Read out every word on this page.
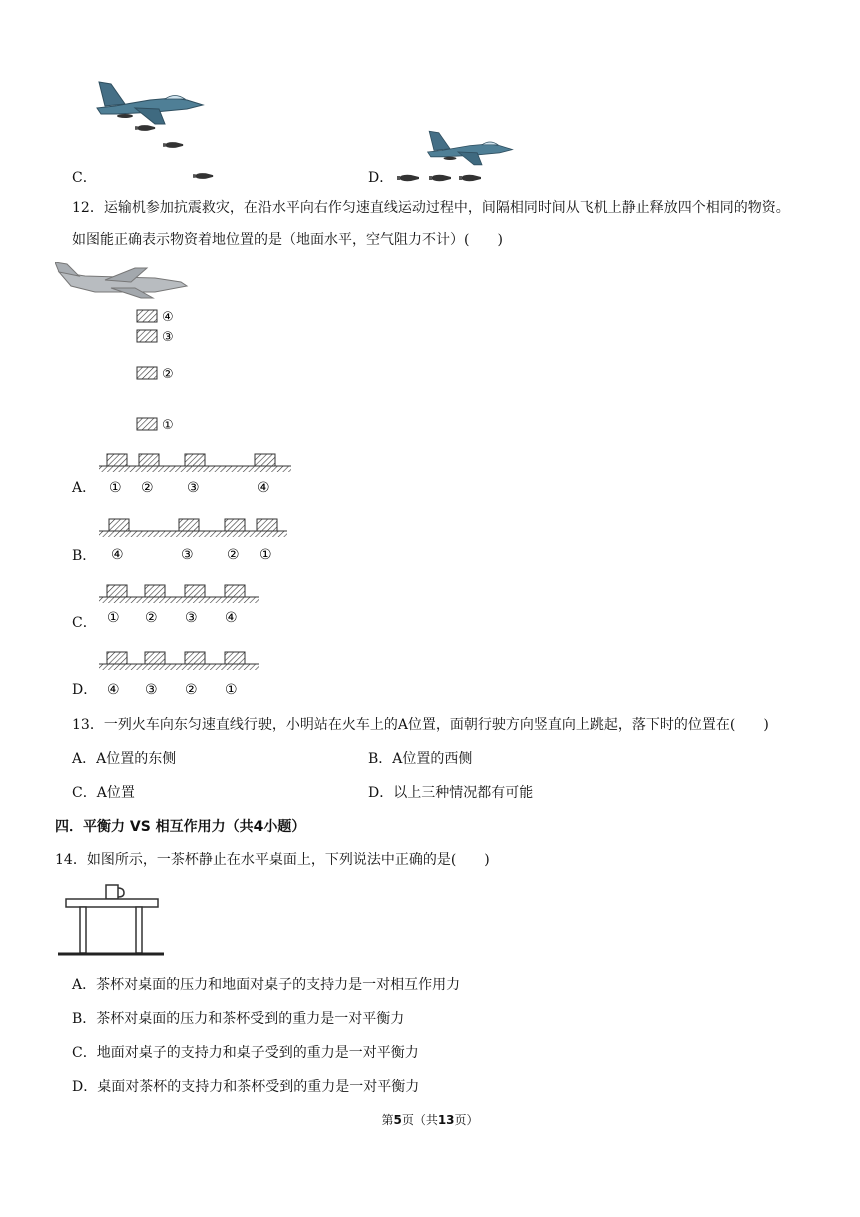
C．	D．
12．运输机参加抗震救灾，在沿水平向右作匀速直线运动过程中，间隔相同时间从飞机上静止释放四个相同的物资。
如图能正确表示物资着地位置的是（地面水平，空气阻力不计）(　　)
④
③
②
①
A． ① ② ③	④
B． ④	③ ② ①
C． ① ② ③ ④
D． ④ ③ ② ①
13．一列火车向东匀速直线行驶，小明站在火车上的A位置，面朝行驶方向竖直向上跳起，落下时的位置在(　　)
A．A位置的东侧	B．A位置的西侧
C．A位置	D．以上三种情况都有可能
四．平衡力 VS 相互作用力（共4小题）
14．如图所示，一茶杯静止在水平桌面上，下列说法中正确的是(　　)
A．茶杯对桌面的压力和地面对桌子的支持力是一对相互作用力
B．茶杯对桌面的压力和茶杯受到的重力是一对平衡力
C．地面对桌子的支持力和桌子受到的重力是一对平衡力
D．桌面对茶杯的支持力和茶杯受到的重力是一对平衡力
第5页（共13页）
